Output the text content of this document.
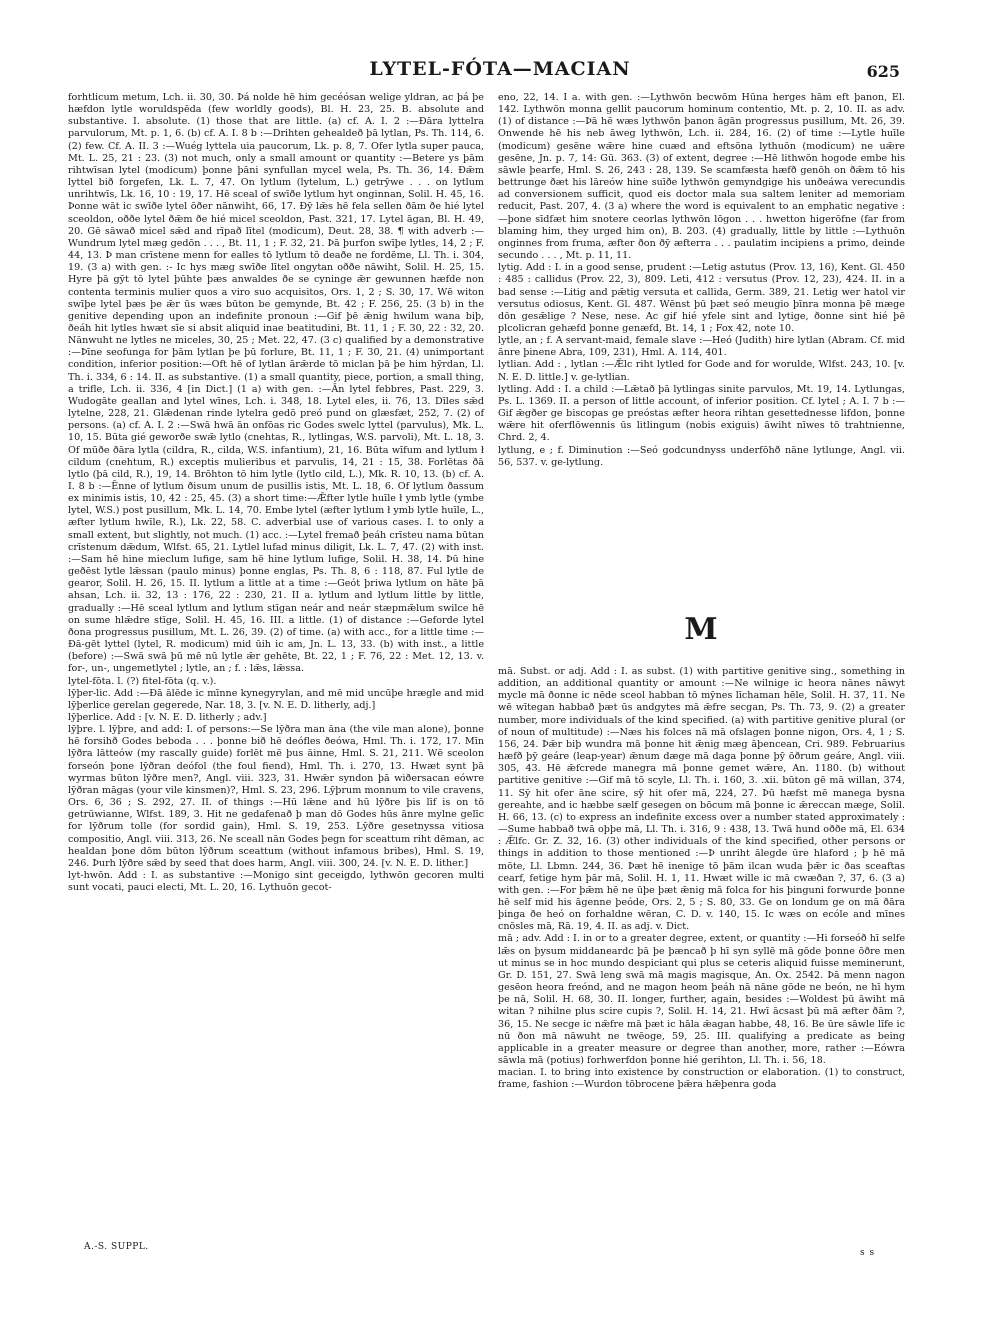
LYTEL-FÓTA—MACIAN	625

forhtlicum metum, Lch. ii. 30, 30. Þá nolde hē him gecéósan welige yldran, ac þá þe hæfdon lytle woruldspēda (few worldly goods), Bl. H. 23, 25. B. absolute and substantive. I. absolute. (1) those that are little. (a) cf. A. I. 2 :—Ðāra lyttelra parvulorum, Mt. p. 1, 6. (b) cf. A. I. 8 b :—Drihten gehealdeð þā lytlan, Ps. Th. 114, 6. (2) few. Cf. A. II. 3 :—Wuég lyttela uia paucorum, Lk. p. 8, 7. Ofer lytla super pauca, Mt. L. 25, 21 : 23. (3) not much, only a small amount or quantity :—Betere ys þām rihtwīsan lytel (modicum) þonne þāni synfullan mycel wela, Ps. Th. 36, 14. Ðǣm lyttel bið forgefen, Lk. L. 7, 47. On lytlum (lytelum, L.) getrȳwe . . . on lytlum unrihtwīs, Lk. 16, 10 : 19, 17. Hē sceal of swīðe lytlum hyt onginnan, Solil. H. 45, 16. Þonne wāt ic swīðe lytel ōðer nānwiht, 66, 17. Ðȳ lǣs hē fela sellen ðām ðe hié lytel sceoldon, oððe lytel ðǣm ðe hié micel sceoldon, Past. 321, 17. Lytel āgan, Bl. H. 49, 20. Gē sāwað micel sǣd and rīpað lītel (modicum), Deut. 28, 38. ¶ with adverb :—Wundrum lytel mæg gedōn . . . , Bt. 11, 1 ; F. 32, 21. Þā þurfon swīþe lytles, 14, 2 ; F. 44, 13. Þ man crīstene menn for ealles tō lytlum tō deaðe ne fordēme, Ll. Th. i. 304, 19. (3 a) with gen. :- Ic hys mæg swīðe lītel ongytan oððe nāwiht, Solil. H. 25, 15. Hyre þā gȳt tō lytel þūhte þæs anwaldes ðe se cyninge ǣr gewunnen hæfde non contenta terminis mulier quos a viro suo acquisitos, Ors. 1, 2 ; S. 30, 17. Wē witon swīþe lytel þæs þe ǣr ūs wæs būton be gemynde, Bt. 42 ; F. 256, 25. (3 b) in the genitive depending upon an indefinite pronoun :—Gif þē ǣnig hwilum wana biþ, ðeáh hit lytles hwæt sīe si absit aliquid inae beatitudini, Bt. 11, 1 ; F. 30, 22 : 32, 20. Nānwuht ne lytles ne miceles, 30, 25 ; Met. 22, 47. (3 c) qualified by a demonstrative :—Þīne seofunga for þām lytlan þe þū forlure, Bt. 11, 1 ; F. 30, 21. (4) unimportant condition, inferior position:—Oft hē of lytlan ārǣrde tō miclan þā þe him hȳrdan, Ll. Th. i. 334, 6 : 14. II. as substantive. (1) a small quantity, piece, portion, a small thing, a trifle, Lch. ii. 336, 4 [in Dict.] (1 a) with gen. :—Ān lytel febbres, Past. 229, 3. Wudogāte geallan and lytel wīnes, Lch. i. 348, 18. Lytel eles, ii. 76, 13. Dīles sǣd lytelne, 228, 21. Glǣdenan rinde lytelra gedō preó pund on glæsfæt, 252, 7. (2) of persons. (a) cf. A. I. 2 :—Swā hwā ān onfōas ric Godes swelc lyttel (parvulus), Mk. L. 10, 15. Būta gié geworðe swǣ lytlo (cnehtas, R., lytlingas, W.S. parvoli), Mt. L. 18, 3. Of mūðe ðāra lytla (cildra, R., cilda, W.S. infantium), 21, 16. Būta wīfum and lytlum ł cildum (cnehtum, R.) exceptis mulieribus et parvulis, 14, 21 : 15, 38. Forlētas ðā lytlo (þā cild, R.), 19, 14. Brōhton tō him lytle (lytlo cild, L.), Mk. R. 10, 13. (b) cf. A. I. 8 b :—Ēnne of lytlum ðisum unum de pusillis istis, Mt. L. 18, 6. Of lytlum ðassum ex minimis istis, 10, 42 : 25, 45. (3) a short time:—Ǣfter lytle huīle ł ymb lytle (ymbe lytel, W.S.) post pusillum, Mk. L. 14, 70. Embe lytel (æfter lytlum ł ymb lytle huīle, L., æfter lytlum hwīle, R.), Lk. 22, 58. C. adverbial use of various cases. I. to only a small extent, but slightly, not much. (1) acc. :—Lytel fremað þeáh crīsteu nama būtan crīstenum dǣdum, Wlfst. 65, 21. Lytlel lufad minus diligit, Lk. L. 7, 47. (2) with inst. :—Sam hē hine mieclum lufige, sam hē hine lytlum lufige, Solil. H. 38, 14. Þū hine geðēst lytle lǣssan (paulo minus) þonne englas, Ps. Th. 8, 6 : 118, 87. Ful lytle de gearor, Solil. H. 26, 15. II. lytlum a little at a time :—Geót þriwa lytlum on hāte þā ahsan, Lch. ii. 32, 13 : 176, 22 : 230, 21. II a. lytlum and lytlum little by little, gradually :—Hē sceal lytlum and lytlum stīgan neár and neár stæpmǣlum swilce hē on sume hlǣdre stīge, Solil. H. 45, 16. III. a little. (1) of distance :—Geforde lytel ðona progressus pusillum, Mt. L. 26, 39. (2) of time. (a) with acc., for a little time :—Ðā-gēt lyttel (lytel, R. modicum) mid ūih ic am, Jn. L. 13, 33. (b) with inst., a little (before) :—Swā swā þū mē nū lytle ǣr gehēte, Bt. 22, 1 ; F. 76, 22 : Met. 12, 13. v. for-, un-, ungemetlytel ; lytle, an ; f. : lǣs, lǣssa.

lytel-fōta. l. (?) fitel-fōta (q. v.).

lȳþer-lic. Add :—Ðā ālēde ic mīnne kynegyrylan, and mē mid uncūþe hrægle and mid lȳþerlice gerelan gegerede, Nar. 18, 3. [v. N. E. D. litherly, adj.]

lȳþerlice. Add : [v. N. E. D. litherly ; adv.]

lȳþre. l. lȳþre, and add: I. of persons:—Se lȳðra man āna (the vile man alone), þonne hē forsihð Godes beboda . . . þonne bið hē deófles ðeówa, Hml. Th. i. 172, 17. Mīn lȳðra lātteów (my rascally guide) forlēt mē þus āinne, Hml. S. 21, 211. Wē sceolon forseón þone lȳðran deófol (the foul fiend), Hml. Th. i. 270, 13. Hwæt synt þā wyrmas būton lȳðre men?, Angl. viii. 323, 31. Hwǣr syndon þā wiðersacan eówre lȳðran māgas (your vile kinsmen)?, Hml. S. 23, 296. Lȳþrum monnum to vile cravens, Ors. 6, 36 ; S. 292, 27. II. of things :—Hū lǣne and hū lȳðre þis līf is on tō getrūwianne, Wlfst. 189, 3. Hit ne gedafenað þ man dō Godes hūs ānre mylne gelīc for lȳðrum tolle (for sordid gain), Hml. S. 19, 253. Lȳðre gesetnyssa vitiosa compositio, Angl. viii. 313, 26. Ne sceall nān Godes þegn for sceattum riht dēman, ac healdan þone dōm būton lȳðrum sceattum (without infamous bribes), Hml. S. 19, 246. Þurh lȳðre sǣd by seed that does harm, Angl. viii. 300, 24. [v. N. E. D. lither.]

lyt-hwōn. Add : I. as substantive :—Monigo sint geceigdo, lythwōn gecoren multi sunt vocati, pauci electi, Mt. L. 20, 16. Lythuōn gecot-

eno, 22, 14. I a. with gen. :—Lythwōn becwōm Hūna herges hām eft þanon, El. 142. Lythwōn monna gellit paucorum hominum contentio, Mt. p. 2, 10. II. as adv. (1) of distance :—Þā hē wæs lythwōn þanon āgān progressus pusillum, Mt. 26, 39. Onwende hē his neb āweg lythwōn, Lch. ii. 284, 16. (2) of time :—Lytle huīle (modicum) gesēne wǣre hine cuæd and eftsōna lythuōn (modicum) ne uǣre gesēne, Jn. p. 7, 14: Gū. 363. (3) of extent, degree :—Hē lithwōn hogode embe his sāwle þearfe, Hml. S. 26, 243 : 28, 139. Se scamfæsta hæfð genōh on ðǣm tō his bettrunge ðæt his lāreów hine suīðe lythwōn gemyndgige his unðeáwa verecundis ad conversionem sufficit, quod eis doctor mala sua saltem leniter ad memoriam reducit, Past. 207, 4. (3 a) where the word is equivalent to an emphatic negative :—þone sīdfæt him snotere ceorlas lythwōn lōgon . . . hwetton higerōfne (far from blaming him, they urged him on), B. 203. (4) gradually, little by little :—Lythuōn onginnes from fruma, æfter ðon ðȳ æfterra . . . paulatim incipiens a primo, deinde secundo . . . , Mt. p. 11, 11.

lytig. Add : I. in a good sense, prudent :—Letig astutus (Prov. 13, 16), Kent. Gl. 450 : 485 : callidus (Prov. 22, 3), 809. Leti, 412 : versutus (Prov. 12, 23), 424. II. in a bad sense :—Litig and pǣtig versuta et callida, Germ. 389, 21. Letig wer hatol vir versutus odiosus, Kent. Gl. 487. Wēnst þū þæt seó meugio þīnra monna þē mæge dōn gesǣlige ? Nese, nese. Ac gif hié yfele sint and lytige, ðonne sint hié þē plcolicran gehæfd þonne genæfd, Bt. 14, 1 ; Fox 42, note 10.

lytle, an ; f. A servant-maid, female slave :—Heó (Judith) hire lytlan (Abram. Cf. mid ānre þinene Abra, 109, 231), Hml. A. 114, 401.

lytlian. Add : , lytlan :—Ǣlc riht lytled for Gode and for woruldе, Wlfst. 243, 10. [v. N. E. D. little.] v. ge-lytlian.

lytling. Add : I. a child :—Lǣtað þā lytlingas sinite parvulos, Mt. 19, 14. Lytlungas, Ps. L. 1369. II. a person of little account, of inferior position. Cf. lytel ; A. I. 7 b :—Gif ǣgðer ge biscopas ge preóstas æfter heora rihtan gesettednesse lifdon, þonne wǣre hit oferflōwennis ūs litlingum (nobis exiguis) āwiht nīwes tō trahtnienne, Chrd. 2, 4.

lytlung, e ; f. Diminution :—Seó godcundnyss underfōhð nāne lytlunge, Angl. vii. 56, 537. v. ge-lytlung.

M

mā. Subst. or adj. Add : I. as subst. (1) with partitive genitive sing., something in addition, an additional quantity or amount :—Ne wilnige ic heora nānes nāwyt mycle mā ðonne ic nēde sceol habban tō mȳnes līchaman hēle, Solil. H. 37, 11. Ne wē wītegan habbað þæt ūs andgytes mā ǣfre secgan, Ps. Th. 73, 9. (2) a greater number, more individuals of the kind specified. (a) with partitive genitive plural (or of noun of multitude) :—Næs his folces nā mā ofslagen þonne nigon, Ors. 4, 1 ; S. 156, 24. Þǣr biþ wundra mā þonne hit ǣnig mæg āþencean, Cri. 989. Februarius hæfð þȳ geáre (leap-year) ǣnum dæge mā daga þonne þȳ ōðrum geáre, Angl. viii. 305, 43. Hē ǣfcrede manegra mā þonne gemet wǣre, An. 1180. (b) without partitive genitive :—Gif mā tō scyle, Ll. Th. i. 160, 3. .xii. būton gē mā willan, 374, 11. Sȳ hit ofer āne scire, sȳ hit ofer mā, 224, 27. Þū hæfst mē manega bysna gereahte, and ic hæbbe sælf gesegen on bōcum mā þonne ic ǣreccan mæge, Solil. H. 66, 13. (c) to express an indefinite excess over a number stated approximately :—Sume habbað twā oþþe mā, Ll. Th. i. 316, 9 : 438, 13. Twā hund oððe mā, El. 634 : Ǣlfc. Gr. Z. 32, 16. (3) other individuals of the kind specified, other persons or things in addition to those mentioned :—Þ unriht ālegde ūre hlaford ; þ hē mā mōte, Ll. Lbmn. 244, 36. Þæt hē inenige tō þām ilcan wuda þǣr ic ðas sceaftas cearf, fetige hym þār mā, Solil. H. 1, 11. Hwæt wille ic mā cwæðan ?, 37, 6. (3 a) with gen. :—For þǣm hē ne ūþe þæt ǣnig mā folca for his þinguni forwurde þonne hē self mid his āgenne þeóde, Ors. 2, 5 ; S. 80, 33. Ge on londum ge on mā ðāra þinga ðe heó on forhaldne wēran, C. D. v. 140, 15. Ic wæs on ecóle and mīnes cnōsles mā, Rā. 19, 4. II. as adj. v. Dict.

mā ; adv. Add : I. in or to a greater degree, extent, or quantity :—Hi forseóð hī selfe lǣs on þysum middaneardc þā þe þæncað þ hī syn syllē mā gōde þonne ōðre men ut minus se in hoc mundo despiciant qui plus se ceteris aliquid fuisse meminerunt, Gr. D. 151, 27. Swā leng swā mā magis magisque, An. Ox. 2542. Þā menn nagon gesēon heora freónd, and ne magon heom þeáh nā nāne gōde ne beón, ne hī hym þe nā, Solil. H. 68, 30. II. longer, further, again, besides :—Woldest þū āwiht mā witan ? nihilne plus scire cupis ?, Solil. H. 14, 21. Hwī ācsast þū mā æfter ðām ?, 36, 15. Ne secge ic nǣfre mā þæt ic hāla ǣagan habbe, 48, 16. Be ūre sāwle līfe ic nū ðon mā nāwuht ne twēoge, 59, 25. III. qualifying a predicate as being applicable in a greater measure or degree than another, more, rather :—Eówra sāwla mā (potius) forhwerfdon þonne hié gerihton, Ll. Th. i. 56, 18.

macian. I. to bring into existence by construction or elaboration. (1) to construct, frame, fashion :—Wurdon tōbrocene þǣra hǣþenra goda

A.-S. SUPPL.
s s
